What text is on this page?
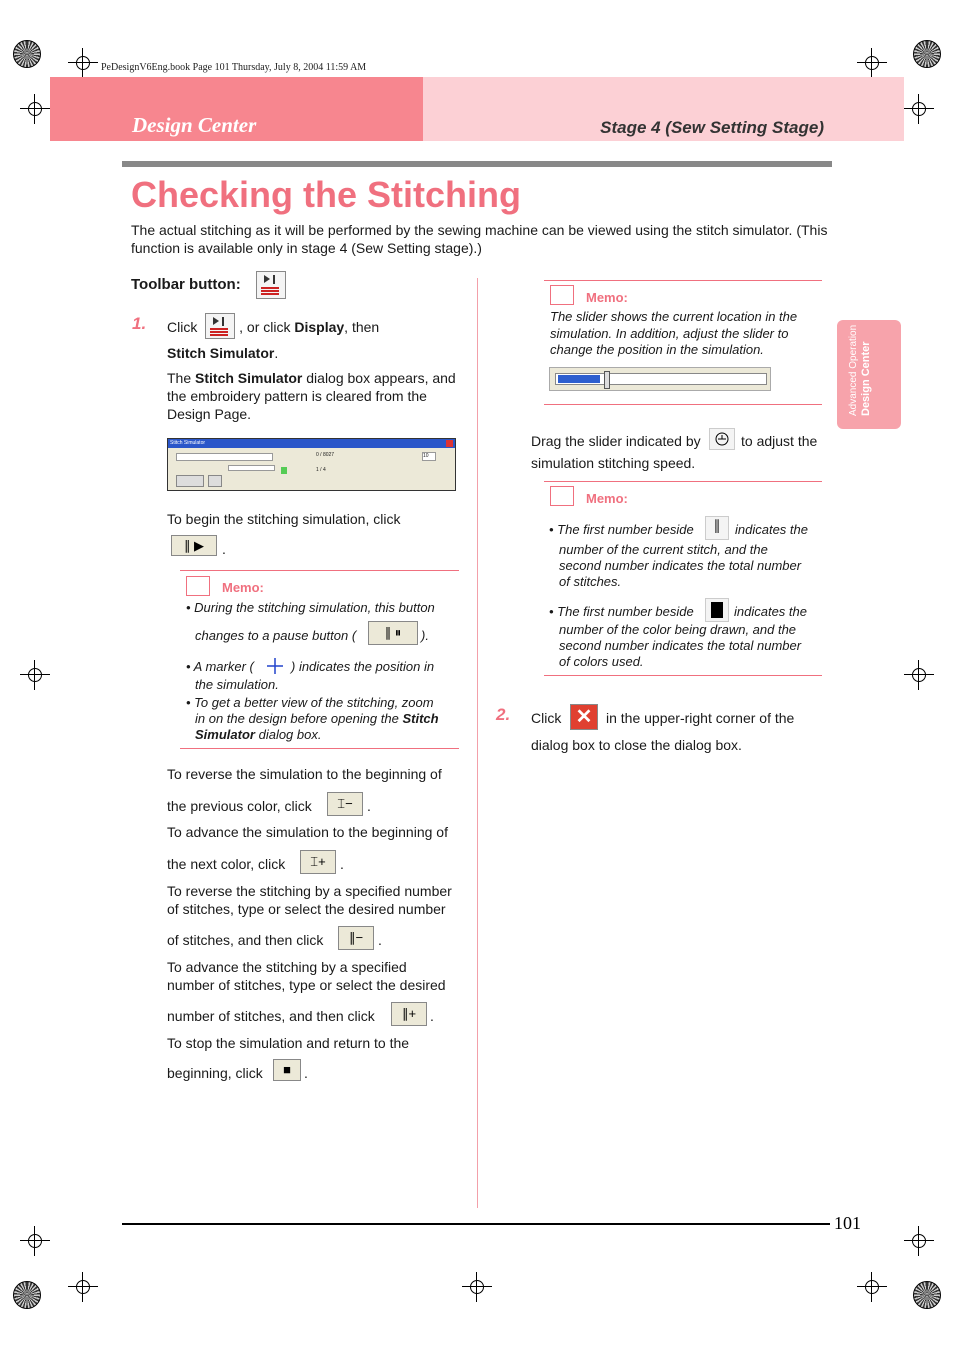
PeDesignV6Eng.book Page 101 Thursday, July 8, 2004 11:59 AM
Design Center	Stage 4 (Sew Setting Stage)
Checking the Stitching
The actual stitching as it will be performed by the sewing machine can be viewed using the stitch simulator. (This function is available only in stage 4 (Sew Setting stage).)
Advanced Operation
Design Center
Toolbar button:
1. Click	, or click Display, then Stitch Simulator.
The Stitch Simulator dialog box appears, and the embroidery pattern is cleared from the Design Page.
Stitch Simulator
0 / 8027
1 / 4
10
To begin the stitching simulation, click
∥ ▶	.
Memo:
• During the stitching simulation, this button
changes to a pause button (	∥ ⏸	).
• A marker (	) indicates the position in
the simulation.
• To get a better view of the stitching, zoom
in on the design before opening the Stitch
Simulator dialog box.
To reverse the simulation to the beginning of
the previous color, click	⌶−	.
To advance the simulation to the beginning of
the next color, click	⌶+	.
To reverse the stitching by a specified number
of stitches, type or select the desired number
of stitches, and then click	∥−	.
To advance the stitching by a specified
number of stitches, type or select the desired
number of stitches, and then click	∥+ .
To stop the simulation and return to the
beginning, click	■ .
Memo:
The slider shows the current location in the
simulation. In addition, adjust the slider to
change the position in the simulation.
Drag the slider indicated by	to adjust the
simulation stitching speed.
Memo:
• The first number beside	∥	indicates the
number of the current stitch, and the
second number indicates the total number
of stitches.
• The first number beside	indicates the
number of the color being drawn, and the
second number indicates the total number
of colors used.
2. Click ✕ in the upper-right corner of the
dialog box to close the dialog box.
101
